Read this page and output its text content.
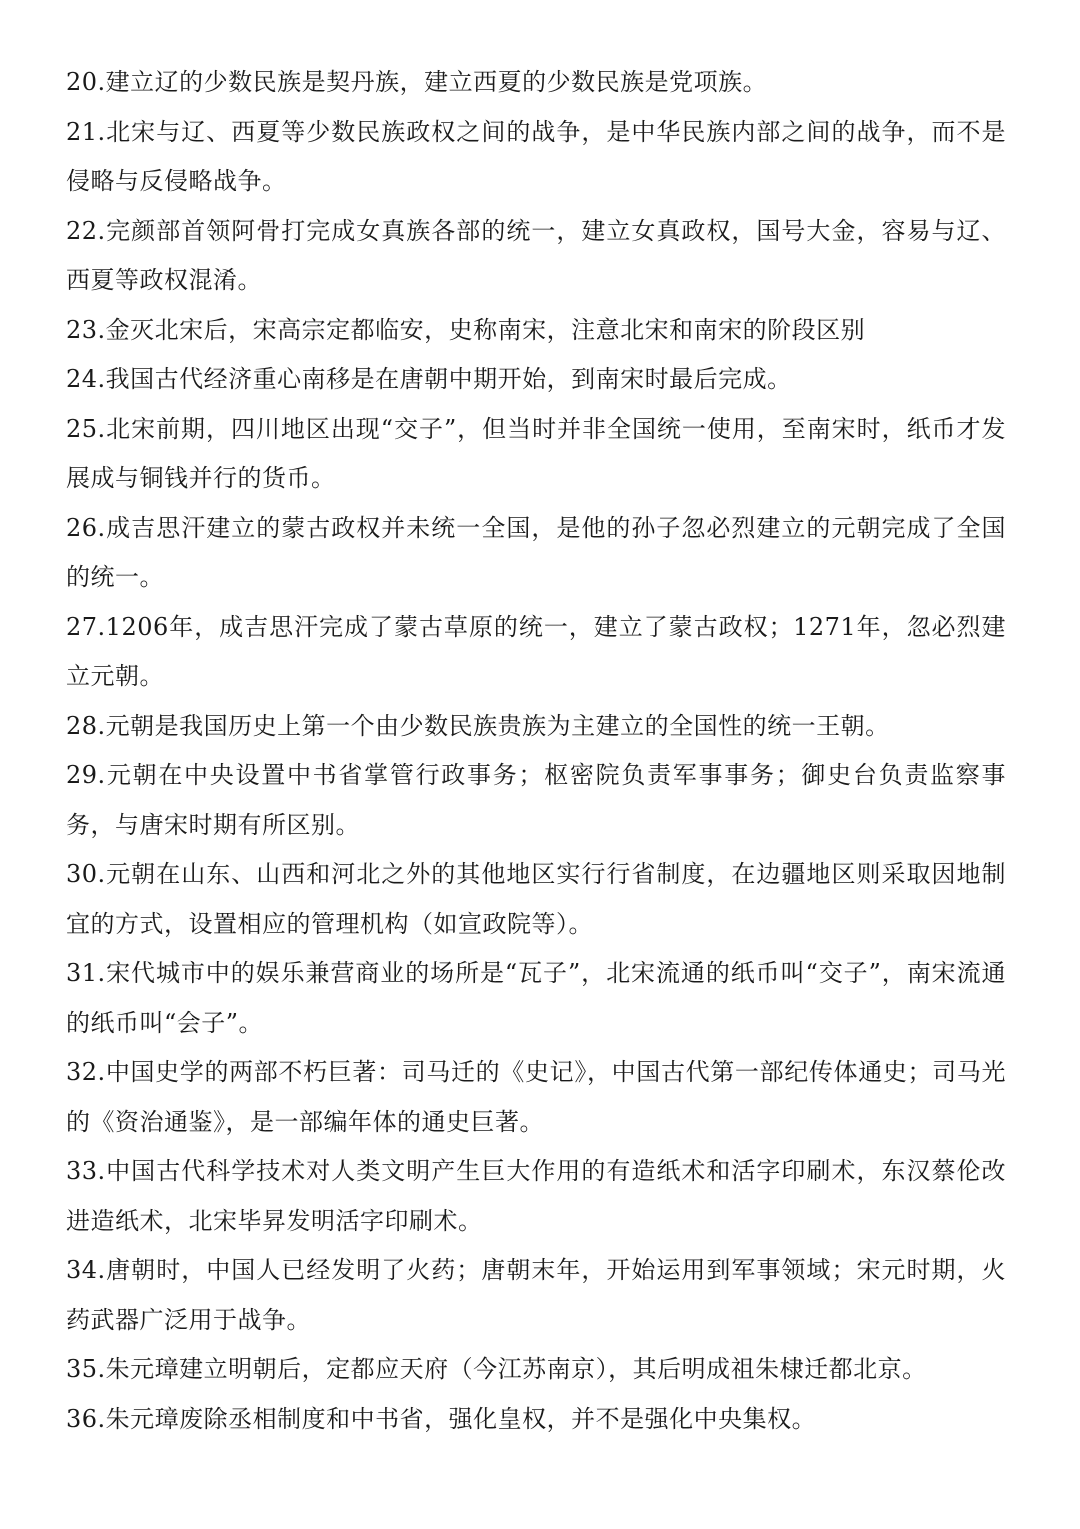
20.建立辽的少数民族是契丹族，建立西夏的少数民族是党项族。

21.北宋与辽、西夏等少数民族政权之间的战争，是中华民族内部之间的战争，而不是侵略与反侵略战争。

22.完颜部首领阿骨打完成女真族各部的统一，建立女真政权，国号大金，容易与辽、西夏等政权混淆。

23.金灭北宋后，宋高宗定都临安，史称南宋，注意北宋和南宋的阶段区别

24.我国古代经济重心南移是在唐朝中期开始，到南宋时最后完成。

25.北宋前期，四川地区出现“交子”，但当时并非全国统一使用，至南宋时，纸币才发展成与铜钱并行的货币。

26.成吉思汗建立的蒙古政权并未统一全国，是他的孙子忽必烈建立的元朝完成了全国的统一。

27.1206年，成吉思汗完成了蒙古草原的统一，建立了蒙古政权；1271年，忽必烈建立元朝。

28.元朝是我国历史上第一个由少数民族贵族为主建立的全国性的统一王朝。

29.元朝在中央设置中书省掌管行政事务；枢密院负责军事事务；御史台负责监察事务，与唐宋时期有所区别。

30.元朝在山东、山西和河北之外的其他地区实行行省制度，在边疆地区则采取因地制宜的方式，设置相应的管理机构（如宣政院等）。

31.宋代城市中的娱乐兼营商业的场所是“瓦子”，北宋流通的纸币叫“交子”，南宋流通的纸币叫“会子”。

32.中国史学的两部不朽巨著：司马迁的《史记》，中国古代第一部纪传体通史；司马光的《资治通鉴》，是一部编年体的通史巨著。

33.中国古代科学技术对人类文明产生巨大作用的有造纸术和活字印刷术，东汉蔡伦改进造纸术，北宋毕昇发明活字印刷术。

34.唐朝时，中国人已经发明了火药；唐朝末年，开始运用到军事领域；宋元时期，火药武器广泛用于战争。

35.朱元璋建立明朝后，定都应天府（今江苏南京），其后明成祖朱棣迁都北京。

36.朱元璋废除丞相制度和中书省，强化皇权，并不是强化中央集权。
